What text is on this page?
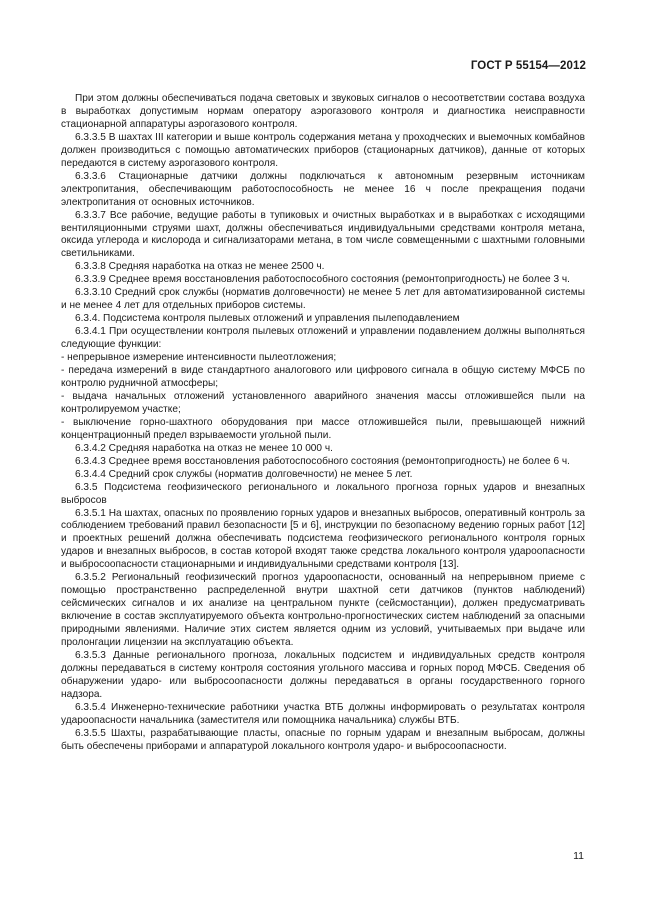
ГОСТ Р 55154—2012

При этом должны обеспечиваться подача световых и звуковых сигналов о несоответствии состава воздуха в выработках допустимым нормам оператору аэрогазового контроля и диагностика неисправности стационарной аппаратуры аэрогазового контроля.

6.3.3.5 В шахтах III категории и выше контроль содержания метана у проходческих и выемочных комбайнов должен производиться с помощью автоматических приборов (стационарных датчиков), данные от которых передаются в систему аэрогазового контроля.

6.3.3.6 Стационарные датчики должны подключаться к автономным резервным источникам электропитания, обеспечивающим работоспособность не менее 16 ч после прекращения подачи электропитания от основных источников.

6.3.3.7 Все рабочие, ведущие работы в тупиковых и очистных выработках и в выработках с исходящими вентиляционными струями шахт, должны обеспечиваться индивидуальными средствами контроля метана, оксида углерода и кислорода и сигнализаторами метана, в том числе совмещенными с шахтными головными светильниками.

6.3.3.8 Средняя наработка на отказ не менее 2500 ч.

6.3.3.9 Среднее время восстановления работоспособного состояния (ремонтопригодность) не более 3 ч.

6.3.3.10 Средний срок службы (норматив долговечности) не менее 5 лет для автоматизированной системы и не менее 4 лет для отдельных приборов системы.

6.3.4. Подсистема контроля пылевых отложений и управления пылеподавлением

6.3.4.1 При осуществлении контроля пылевых отложений и управлении подавлением должны выполняться следующие функции:

- непрерывное измерение интенсивности пылеотложения;

- передача измерений в виде стандартного аналогового или цифрового сигнала в общую систему МФСБ по контролю рудничной атмосферы;

- выдача начальных отложений установленного аварийного значения массы отложившейся пыли на контролируемом участке;

- выключение горно-шахтного оборудования при массе отложившейся пыли, превышающей нижний концентрационный предел взрываемости угольной пыли.

6.3.4.2 Средняя наработка на отказ не менее 10 000 ч.

6.3.4.3 Среднее время восстановления работоспособного состояния (ремонтопригодность) не более 6 ч.

6.3.4.4 Средний срок службы (норматив долговечности) не менее 5 лет.

6.3.5 Подсистема геофизического регионального и локального прогноза горных ударов и внезапных выбросов

6.3.5.1 На шахтах, опасных по проявлению горных ударов и внезапных выбросов, оперативный контроль за соблюдением требований правил безопасности [5 и 6], инструкции по безопасному ведению горных работ [12] и проектных решений должна обеспечивать подсистема геофизического регионального контроля горных ударов и внезапных выбросов, в состав которой входят также средства локального контроля удароопасности и выбросоопасности стационарными и индивидуальными средствами контроля [13].

6.3.5.2 Региональный геофизический прогноз удароопасности, основанный на непрерывном приеме с помощью пространственно распределенной внутри шахтной сети датчиков (пунктов наблюдений) сейсмических сигналов и их анализе на центральном пункте (сейсмостанции), должен предусматривать включение в состав эксплуатируемого объекта контрольно-прогностических систем наблюдений за опасными природными явлениями. Наличие этих систем является одним из условий, учитываемых при выдаче или пролонгации лицензии на эксплуатацию объекта.

6.3.5.3 Данные регионального прогноза, локальных подсистем и индивидуальных средств контроля должны передаваться в систему контроля состояния угольного массива и горных пород МФСБ. Сведения об обнаружении ударо- или выбросоопасности должны передаваться в органы государственного горного надзора.

6.3.5.4 Инженерно-технические работники участка ВТБ должны информировать о результатах контроля удароопасности начальника (заместителя или помощника начальника) службы ВТБ.

6.3.5.5 Шахты, разрабатывающие пласты, опасные по горным ударам и внезапным выбросам, должны быть обеспечены приборами и аппаратурой локального контроля ударо- и выбросоопасности.

11
